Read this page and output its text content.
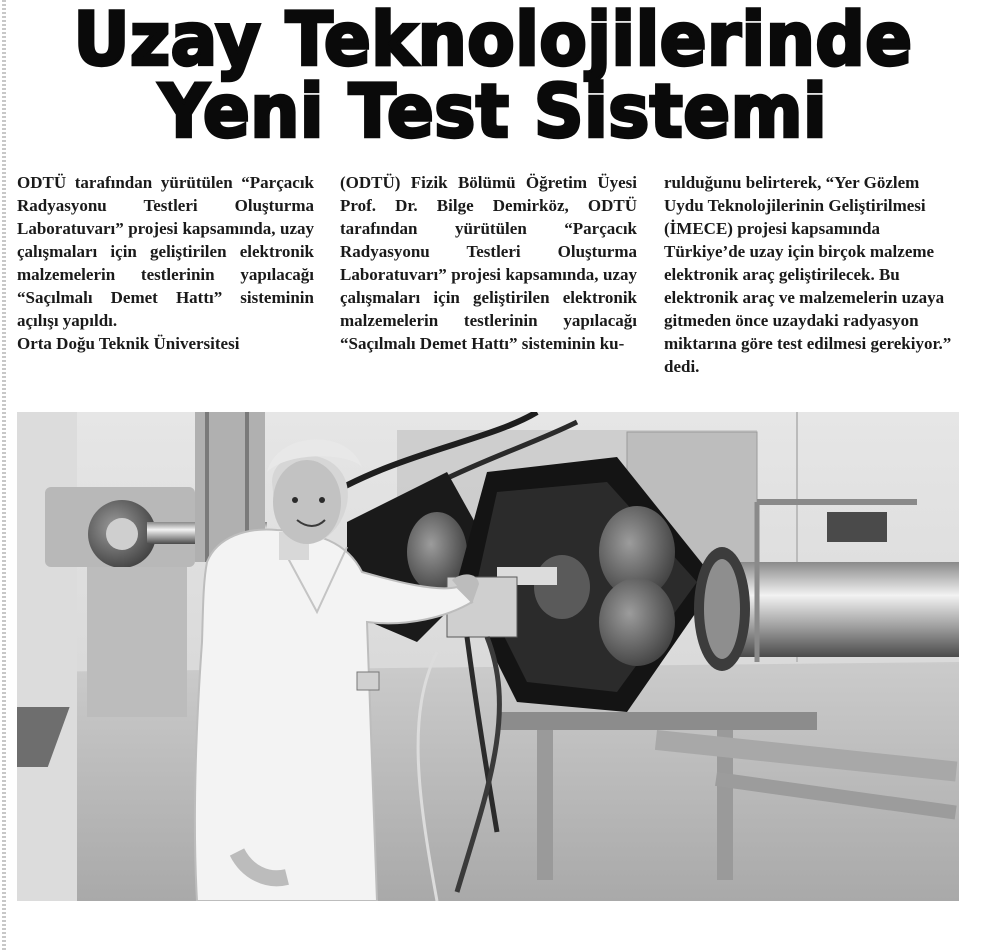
Uzay Teknolojilerinde
Yeni Test Sistemi

ODTÜ tarafından yürütülen “Parçacık Radyasyonu Testleri Oluşturma Laboratuvarı” projesi kapsamında, uzay çalışmaları için geliştirilen elektronik malzemelerin testlerinin yapılacağı “Saçılmalı Demet Hattı” sisteminin açılışı yapıldı.

Orta Doğu Teknik Üniversitesi

(ODTÜ) Fizik Bölümü Öğretim Üyesi Prof. Dr. Bilge Demirköz, ODTÜ tarafından yürütülen “Parçacık Radyasyonu Testleri Oluşturma Laboratuvarı” projesi kapsamında, uzay çalışmaları için geliştirilen elektronik malzemelerin testlerinin yapılacağı “Saçılmalı Demet Hattı” sisteminin ku-

rulduğunu belirterek, “Yer Gözlem Uydu Teknolojilerinin Geliştirilmesi (İMECE) projesi kapsamında Türkiye’de uzay için birçok malzeme elektronik araç geliştirilecek. Bu elektronik araç ve malzemelerin uzaya gitmeden önce uzaydaki radyasyon miktarına göre test edilmesi gerekiyor.” dedi.
